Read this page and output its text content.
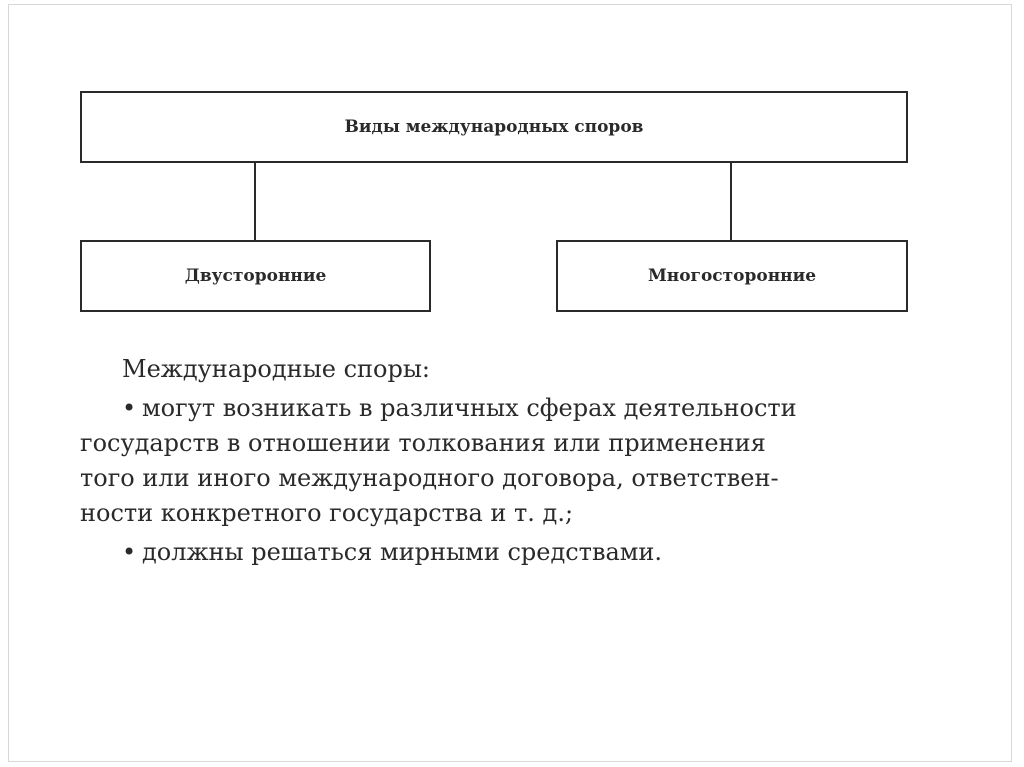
Виды международных споров
Двусторонние	Многосторонние
Международные споры:
• могут возникать в различных сферах деятельности
государств в отношении толкования или применения
того или иного международного договора, ответствен-
ности конкретного государства и т. д.;
• должны решаться мирными средствами.
